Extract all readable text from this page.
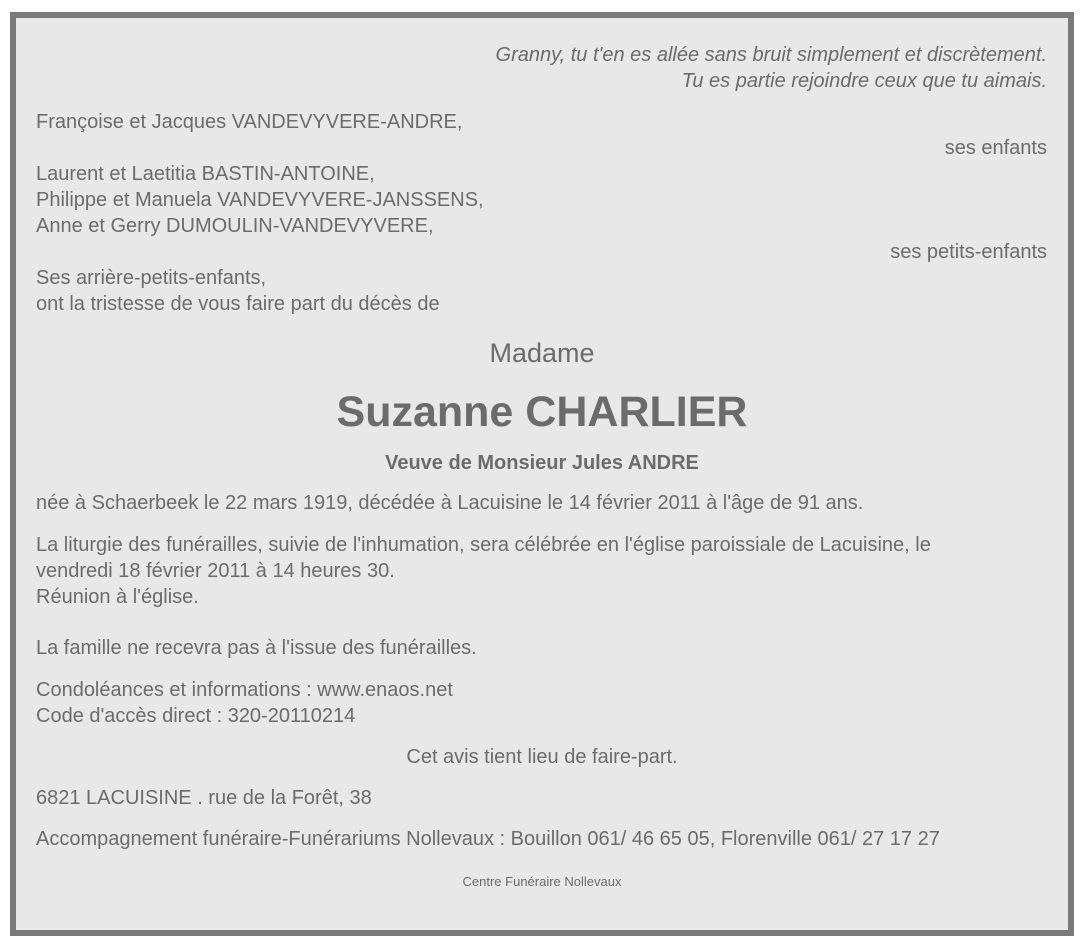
Granny, tu t'en es allée sans bruit simplement et discrètement.
Tu es partie rejoindre ceux que tu aimais.
Françoise et Jacques VANDEVYVERE-ANDRE,
ses enfants
Laurent et Laetitia BASTIN-ANTOINE,
Philippe et Manuela VANDEVYVERE-JANSSENS,
Anne et Gerry DUMOULIN-VANDEVYVERE,
ses petits-enfants
Ses arrière-petits-enfants,
ont la tristesse de vous faire part du décès de
Madame
Suzanne CHARLIER
Veuve de Monsieur Jules ANDRE
née à Schaerbeek le 22 mars 1919, décédée à Lacuisine le 14 février 2011 à l'âge de 91 ans.
La liturgie des funérailles, suivie de l'inhumation, sera célébrée en l'église paroissiale de Lacuisine, le
vendredi 18 février 2011 à 14 heures 30.
Réunion à l'église.
La famille ne recevra pas à l'issue des funérailles.
Condoléances et informations : www.enaos.net
Code d'accès direct : 320-20110214
Cet avis tient lieu de faire-part.
6821 LACUISINE . rue de la Forêt, 38
Accompagnement funéraire-Funérariums Nollevaux : Bouillon 061/ 46 65 05, Florenville 061/ 27 17 27
Centre Funéraire Nollevaux
